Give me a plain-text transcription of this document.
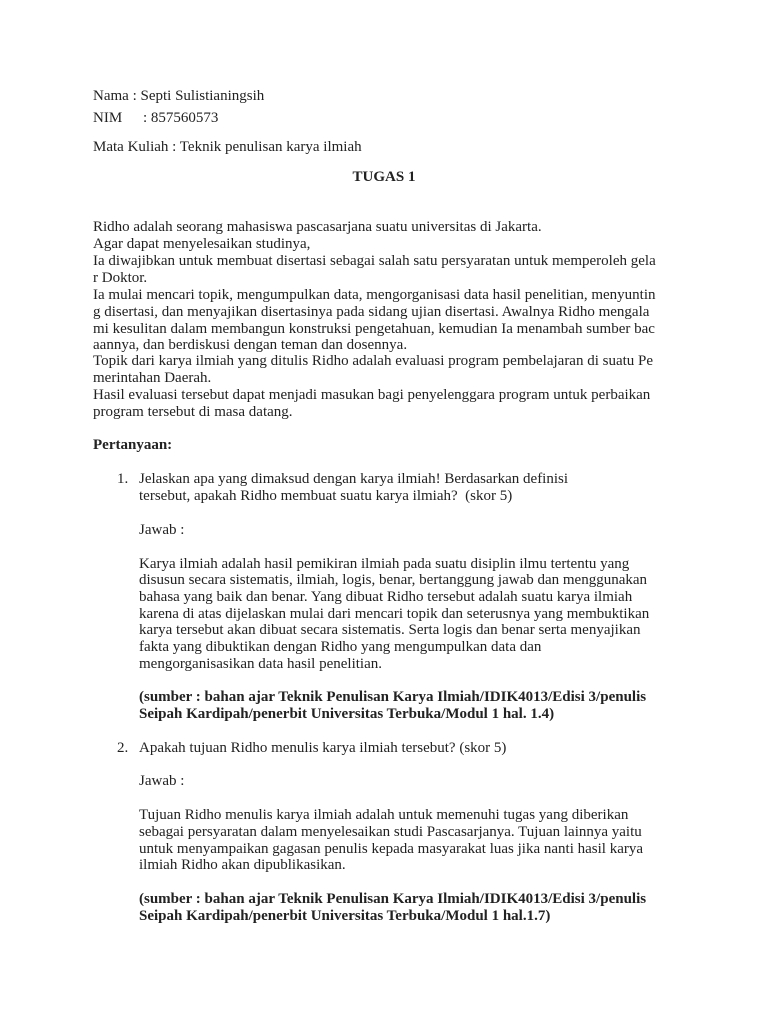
Nama : Septi Sulistianingsih
NIM : 857560573
Mata Kuliah : Teknik penulisan karya ilmiah
TUGAS 1
Ridho adalah seorang mahasiswa pascasarjana suatu universitas di Jakarta.
Agar dapat menyelesaikan studinya,
Ia diwajibkan untuk membuat disertasi sebagai salah satu persyaratan untuk memperoleh gela
r Doktor.
Ia mulai mencari topik, mengumpulkan data, mengorganisasi data hasil penelitian, menyuntin
g disertasi, dan menyajikan disertasinya pada sidang ujian disertasi. Awalnya Ridho mengala
mi kesulitan dalam membangun konstruksi pengetahuan, kemudian Ia menambah sumber bac
aannya, dan berdiskusi dengan teman dan dosennya.
Topik dari karya ilmiah yang ditulis Ridho adalah evaluasi program pembelajaran di suatu Pe
merintahan Daerah.
Hasil evaluasi tersebut dapat menjadi masukan bagi penyelenggara program untuk perbaikan
program tersebut di masa datang.
Pertanyaan:
1. Jelaskan apa yang dimaksud dengan karya ilmiah! Berdasarkan definisi
tersebut, apakah Ridho membuat suatu karya ilmiah?  (skor 5)
Jawab :
Karya ilmiah adalah hasil pemikiran ilmiah pada suatu disiplin ilmu tertentu yang
disusun secara sistematis, ilmiah, logis, benar, bertanggung jawab dan menggunakan
bahasa yang baik dan benar. Yang dibuat Ridho tersebut adalah suatu karya ilmiah
karena di atas dijelaskan mulai dari mencari topik dan seterusnya yang membuktikan
karya tersebut akan dibuat secara sistematis. Serta logis dan benar serta menyajikan
fakta yang dibuktikan dengan Ridho yang mengumpulkan data dan
mengorganisasikan data hasil penelitian.
(sumber : bahan ajar Teknik Penulisan Karya Ilmiah/IDIK4013/Edisi 3/penulis
Seipah Kardipah/penerbit Universitas Terbuka/Modul 1 hal. 1.4)
2. Apakah tujuan Ridho menulis karya ilmiah tersebut? (skor 5)
Jawab :
Tujuan Ridho menulis karya ilmiah adalah untuk memenuhi tugas yang diberikan
sebagai persyaratan dalam menyelesaikan studi Pascasarjanya. Tujuan lainnya yaitu
untuk menyampaikan gagasan penulis kepada masyarakat luas jika nanti hasil karya
ilmiah Ridho akan dipublikasikan.
(sumber : bahan ajar Teknik Penulisan Karya Ilmiah/IDIK4013/Edisi 3/penulis
Seipah Kardipah/penerbit Universitas Terbuka/Modul 1 hal.1.7)
